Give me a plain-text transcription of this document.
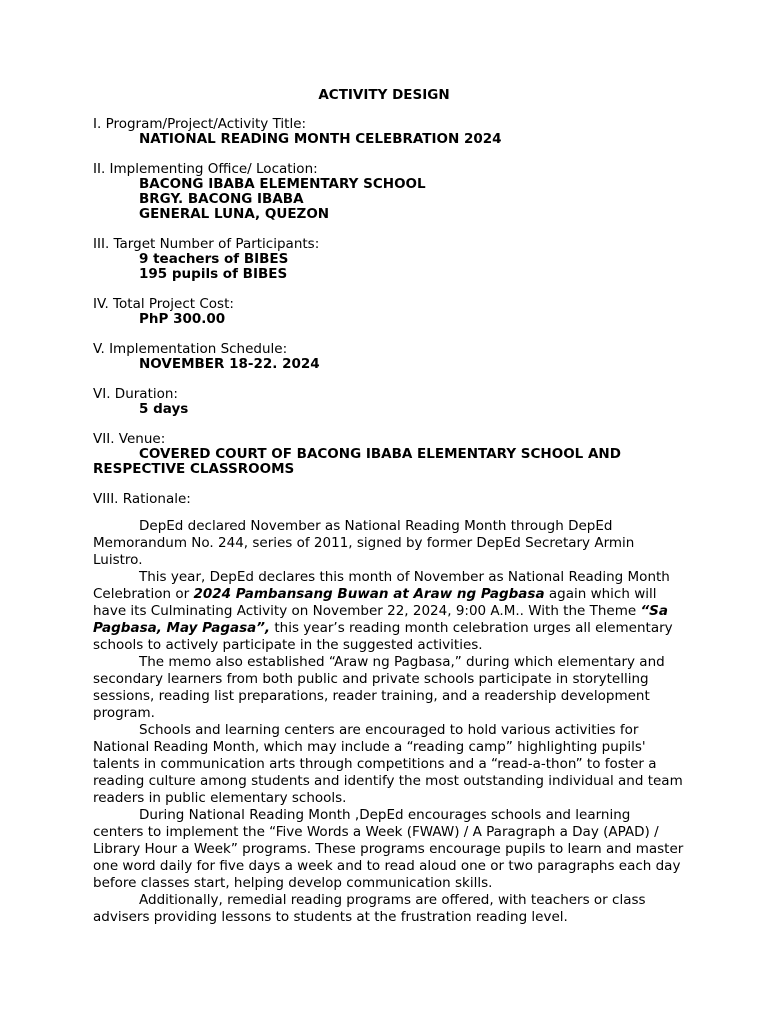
ACTIVITY DESIGN
I. Program/Project/Activity Title:
NATIONAL READING MONTH CELEBRATION 2024
II. Implementing Office/ Location:
BACONG IBABA ELEMENTARY SCHOOL
BRGY. BACONG IBABA
GENERAL LUNA, QUEZON
III. Target Number of Participants:
9 teachers of BIBES
195 pupils of BIBES
IV. Total Project Cost:
PhP 300.00
V. Implementation Schedule:
NOVEMBER 18-22. 2024
VI. Duration:
5 days
VII. Venue:
COVERED COURT OF BACONG IBABA ELEMENTARY SCHOOL AND
RESPECTIVE CLASSROOMS
VIII. Rationale:

DepEd declared November as National Reading Month through DepEd Memorandum No. 244, series of 2011, signed by former DepEd Secretary Armin Luistro.

This year, DepEd declares this month of November as National Reading Month Celebration or 2024 Pambansang Buwan at Araw ng Pagbasa again which will have its Culminating Activity on November 22, 2024, 9:00 A.M.. With the Theme “Sa Pagbasa, May Pagasa”, this year’s reading month celebration urges all elementary schools to actively participate in the suggested activities.

The memo also established “Araw ng Pagbasa,” during which elementary and secondary learners from both public and private schools participate in storytelling sessions, reading list preparations, reader training, and a readership development program.

Schools and learning centers are encouraged to hold various activities for National Reading Month, which may include a “reading camp” highlighting pupils' talents in communication arts through competitions and a “read-a-thon” to foster a reading culture among students and identify the most outstanding individual and team readers in public elementary schools.

During National Reading Month ,DepEd encourages schools and learning centers to implement the “Five Words a Week (FWAW) / A Paragraph a Day (APAD) / Library Hour a Week” programs. These programs encourage pupils to learn and master one word daily for five days a week and to read aloud one or two paragraphs each day before classes start, helping develop communication skills.

Additionally, remedial reading programs are offered, with teachers or class advisers providing lessons to students at the frustration reading level.
